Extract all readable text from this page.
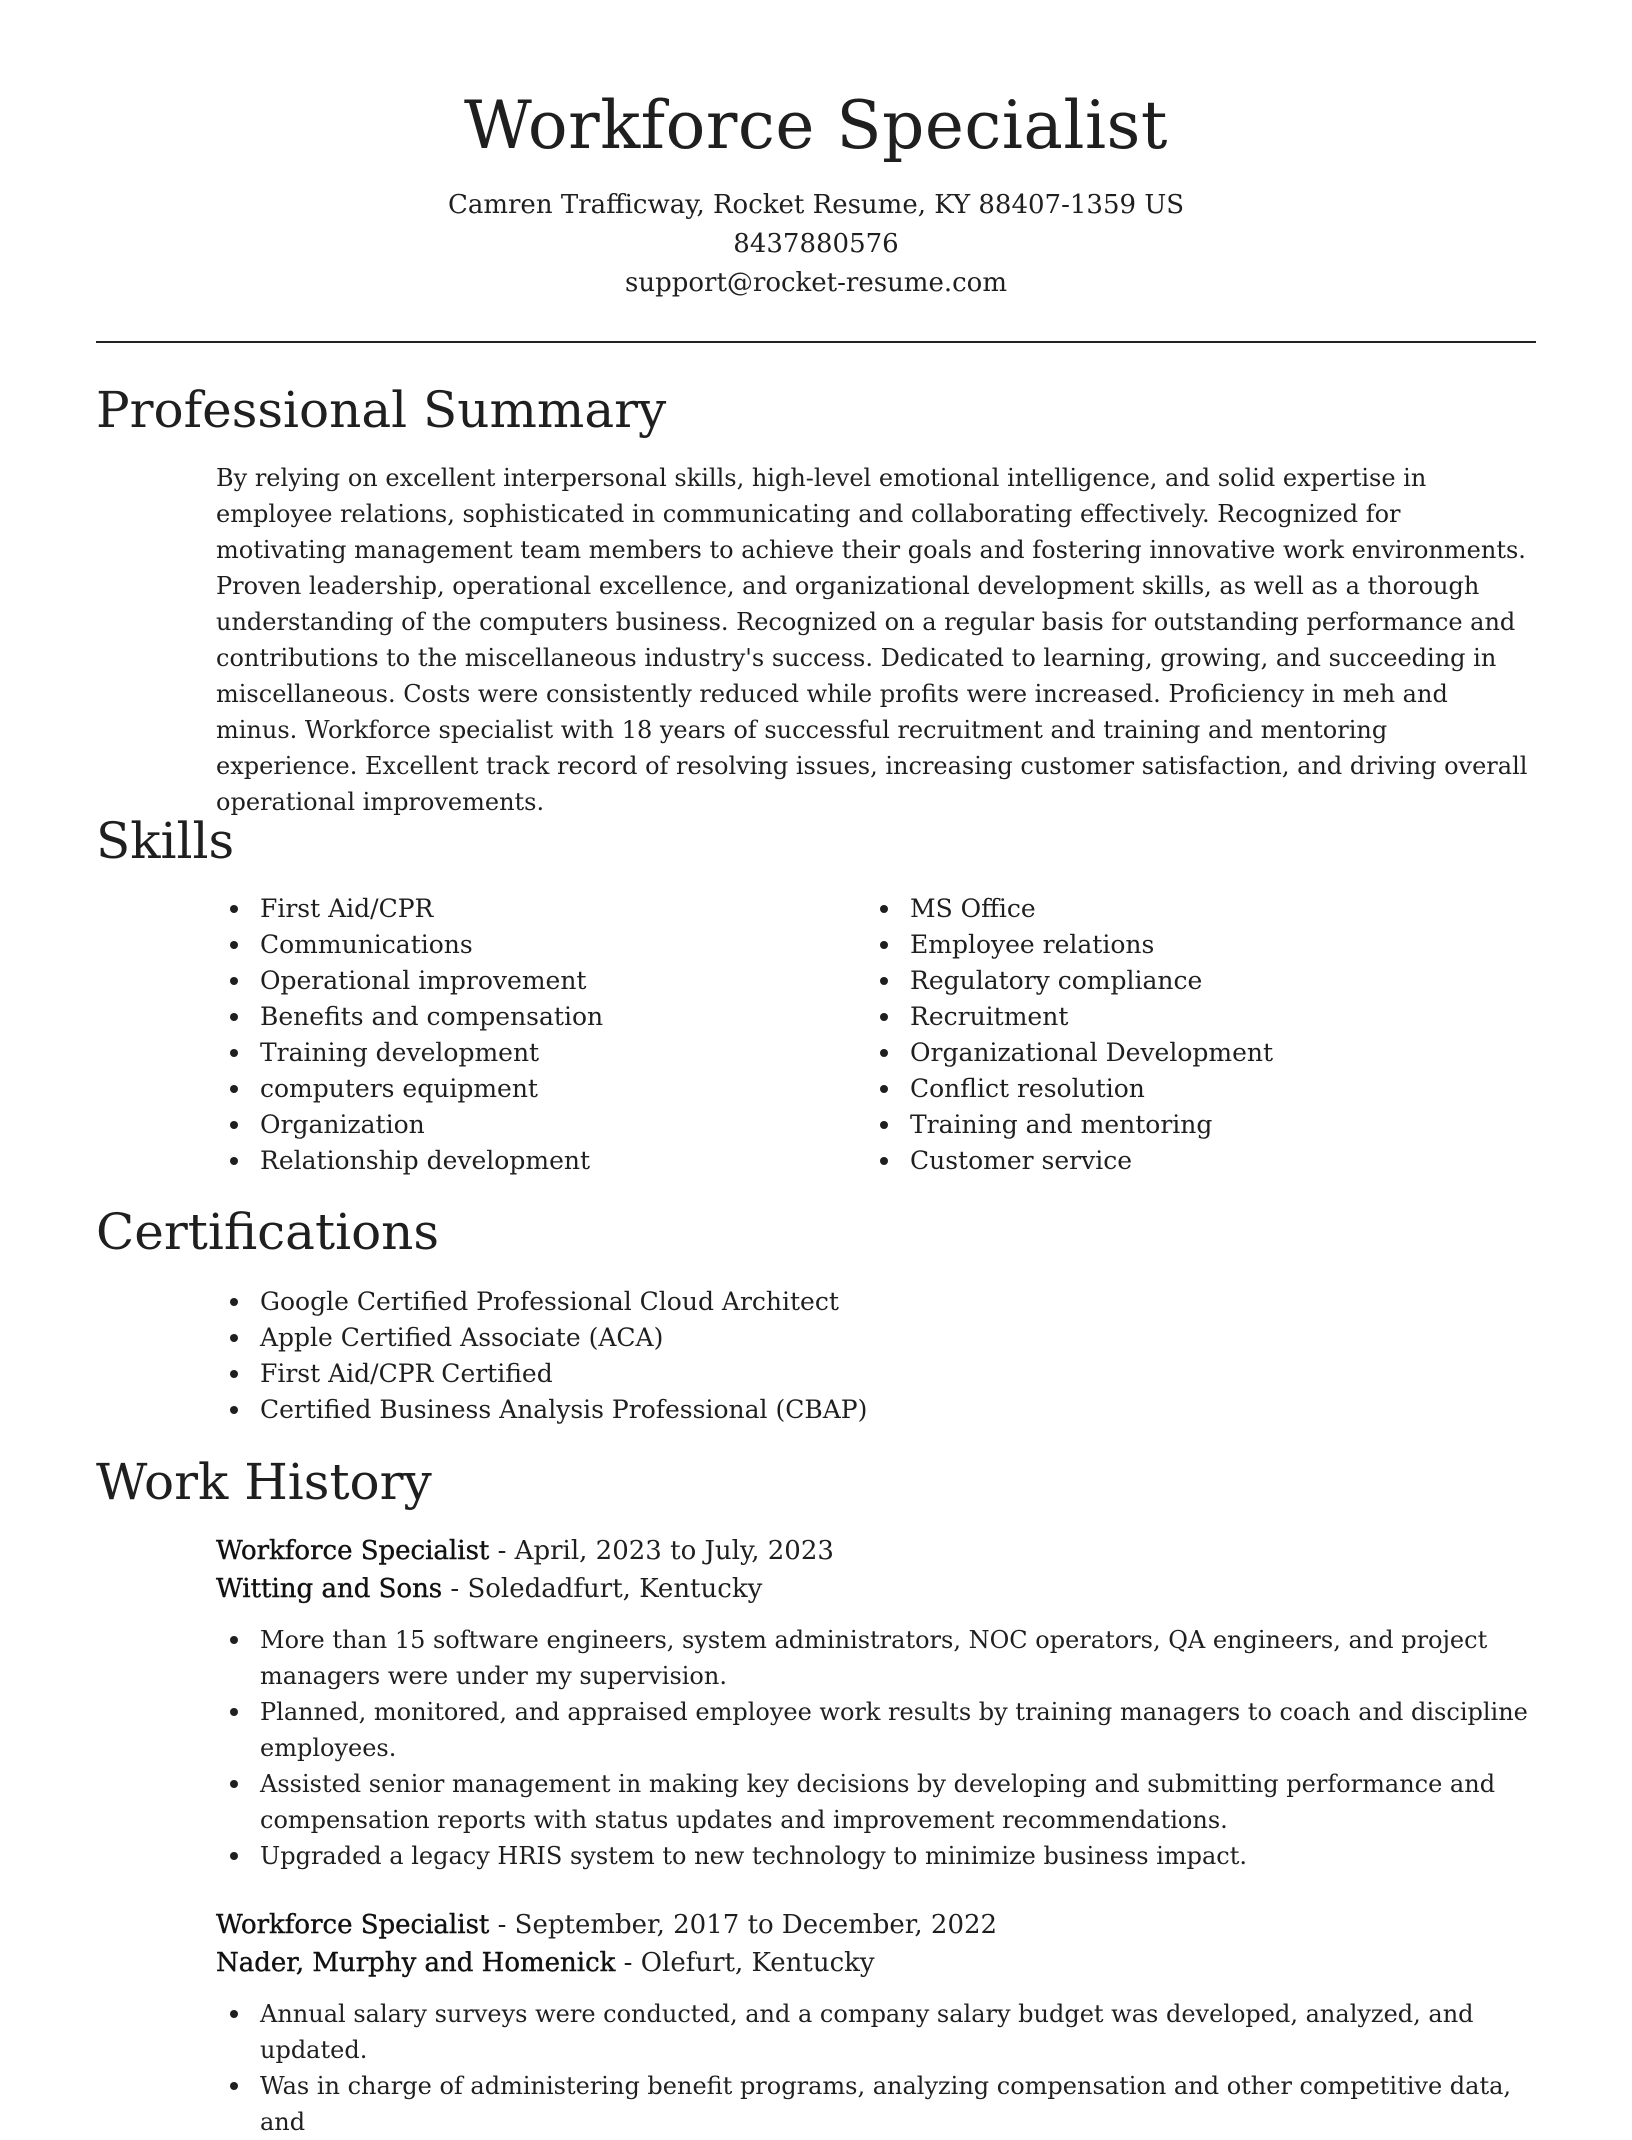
Workforce Specialist
Camren Trafficway, Rocket Resume, KY 88407-1359 US
8437880576
support@rocket-resume.com
Professional Summary
By relying on excellent interpersonal skills, high-level emotional intelligence, and solid expertise in employee relations, sophisticated in communicating and collaborating effectively. Recognized for motivating management team members to achieve their goals and fostering innovative work environments. Proven leadership, operational excellence, and organizational development skills, as well as a thorough understanding of the computers business. Recognized on a regular basis for outstanding performance and contributions to the miscellaneous industry's success. Dedicated to learning, growing, and succeeding in miscellaneous. Costs were consistently reduced while profits were increased. Proficiency in meh and minus. Workforce specialist with 18 years of successful recruitment and training and mentoring experience. Excellent track record of resolving issues, increasing customer satisfaction, and driving overall operational improvements.
Skills
First Aid/CPR
Communications
Operational improvement
Benefits and compensation
Training development
computers equipment
Organization
Relationship development
MS Office
Employee relations
Regulatory compliance
Recruitment
Organizational Development
Conflict resolution
Training and mentoring
Customer service
Certifications
Google Certified Professional Cloud Architect
Apple Certified Associate (ACA)
First Aid/CPR Certified
Certified Business Analysis Professional (CBAP)
Work History
Workforce Specialist - April, 2023 to July, 2023
Witting and Sons - Soledadfurt, Kentucky
More than 15 software engineers, system administrators, NOC operators, QA engineers, and project managers were under my supervision.
Planned, monitored, and appraised employee work results by training managers to coach and discipline employees.
Assisted senior management in making key decisions by developing and submitting performance and compensation reports with status updates and improvement recommendations.
Upgraded a legacy HRIS system to new technology to minimize business impact.
Workforce Specialist - September, 2017 to December, 2022
Nader, Murphy and Homenick - Olefurt, Kentucky
Annual salary surveys were conducted, and a company salary budget was developed, analyzed, and updated.
Was in charge of administering benefit programs, analyzing compensation and other competitive data, and
